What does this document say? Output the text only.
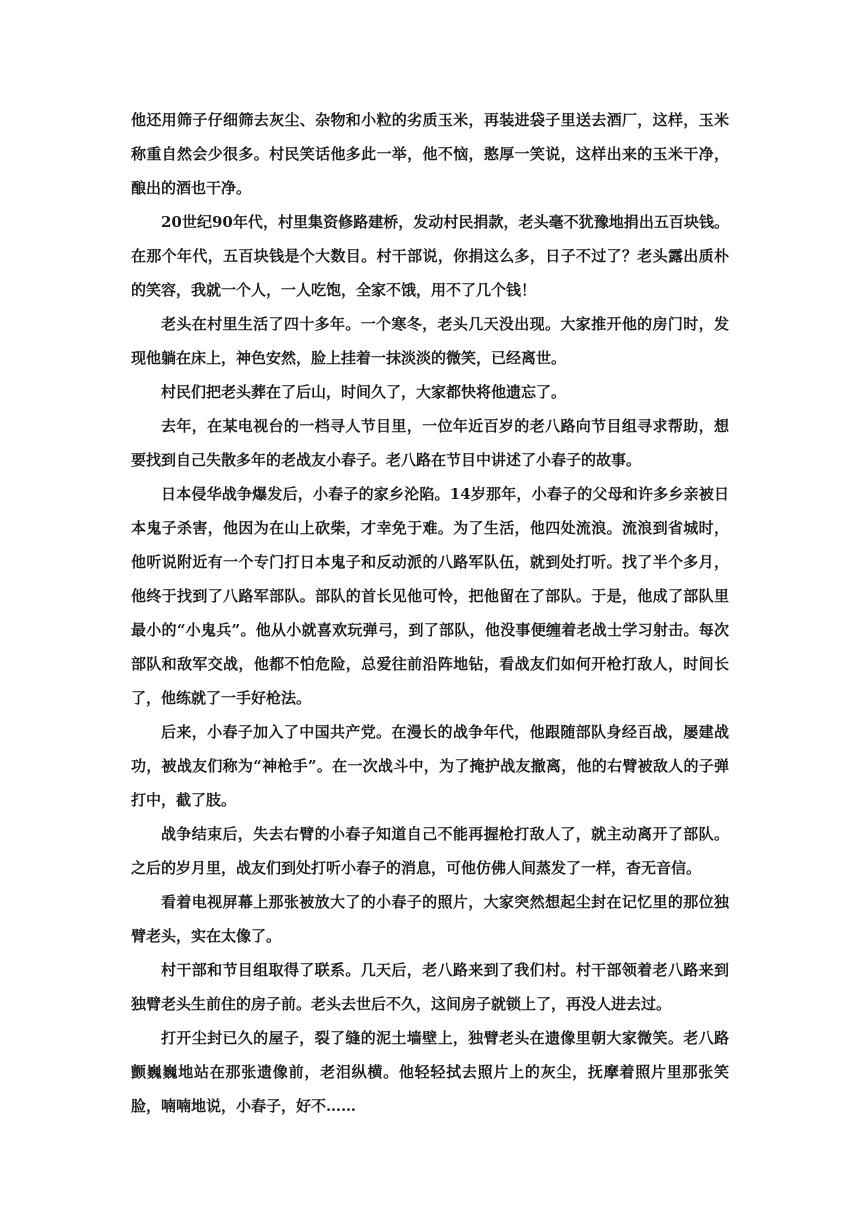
他还用筛子仔细筛去灰尘、杂物和小粒的劣质玉米，再装进袋子里送去酒厂，这样，玉米称重自然会少很多。村民笑话他多此一举，他不恼，憨厚一笑说，这样出来的玉米干净，酿出的酒也干净。

20世纪90年代，村里集资修路建桥，发动村民捐款，老头毫不犹豫地捐出五百块钱。在那个年代，五百块钱是个大数目。村干部说，你捐这么多，日子不过了？老头露出质朴的笑容，我就一个人，一人吃饱，全家不饿，用不了几个钱！

老头在村里生活了四十多年。一个寒冬，老头几天没出现。大家推开他的房门时，发现他躺在床上，神色安然，脸上挂着一抹淡淡的微笑，已经离世。

村民们把老头葬在了后山，时间久了，大家都快将他遗忘了。

去年，在某电视台的一档寻人节目里，一位年近百岁的老八路向节目组寻求帮助，想要找到自己失散多年的老战友小春子。老八路在节目中讲述了小春子的故事。

日本侵华战争爆发后，小春子的家乡沦陷。14岁那年，小春子的父母和许多乡亲被日本鬼子杀害，他因为在山上砍柴，才幸免于难。为了生活，他四处流浪。流浪到省城时，他听说附近有一个专门打日本鬼子和反动派的八路军队伍，就到处打听。找了半个多月，他终于找到了八路军部队。部队的首长见他可怜，把他留在了部队。于是，他成了部队里最小的“小鬼兵”。他从小就喜欢玩弹弓，到了部队，他没事便缠着老战士学习射击。每次部队和敌军交战，他都不怕危险，总爱往前沿阵地钻，看战友们如何开枪打敌人，时间长了，他练就了一手好枪法。

后来，小春子加入了中国共产党。在漫长的战争年代，他跟随部队身经百战，屡建战功，被战友们称为“神枪手”。在一次战斗中，为了掩护战友撤离，他的右臂被敌人的子弹打中，截了肢。

战争结束后，失去右臂的小春子知道自己不能再握枪打敌人了，就主动离开了部队。之后的岁月里，战友们到处打听小春子的消息，可他仿佛人间蒸发了一样，杳无音信。

看着电视屏幕上那张被放大了的小春子的照片，大家突然想起尘封在记忆里的那位独臂老头，实在太像了。

村干部和节目组取得了联系。几天后，老八路来到了我们村。村干部领着老八路来到独臂老头生前住的房子前。老头去世后不久，这间房子就锁上了，再没人进去过。

打开尘封已久的屋子，裂了缝的泥土墙壁上，独臂老头在遗像里朝大家微笑。老八路颤巍巍地站在那张遗像前，老泪纵横。他轻轻拭去照片上的灰尘，抚摩着照片里那张笑脸，喃喃地说，小春子，好不……
